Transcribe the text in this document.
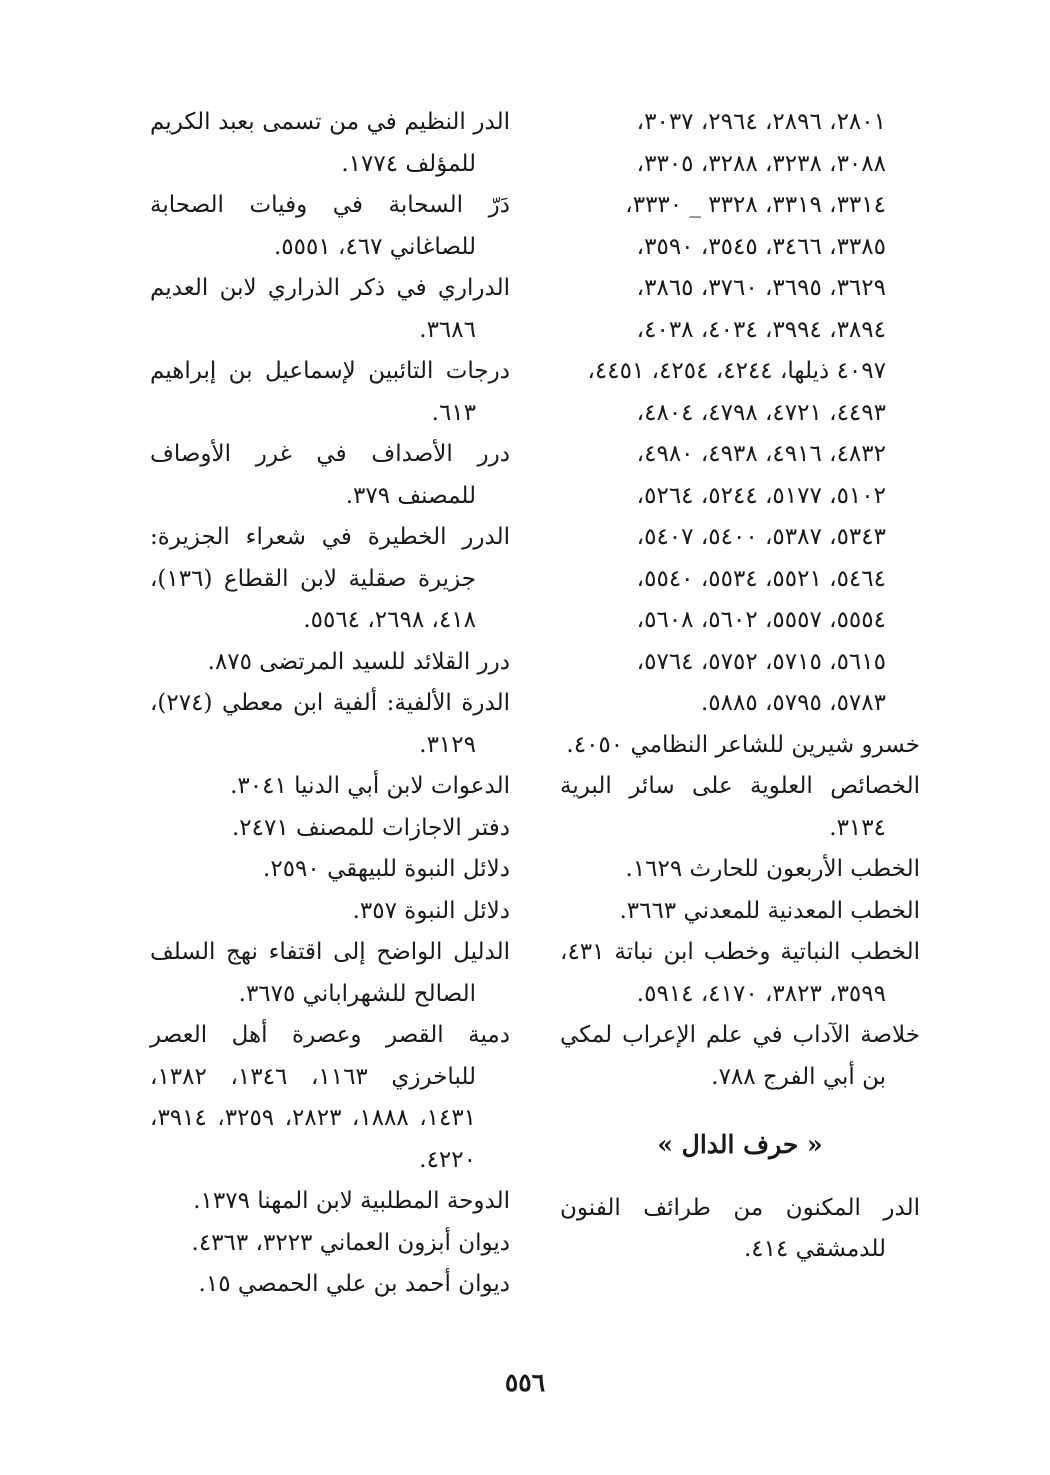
٢٨٠١، ٢٨٩٦، ٢٩٦٤، ٣٠٣٧،
٣٠٨٨، ٣٢٣٨، ٣٢٨٨، ٣٣٠٥،
٣٣١٤، ٣٣١٩، ٣٣٢٨ _ ٣٣٣٠،
٣٣٨٥، ٣٤٦٦، ٣٥٤٥، ٣٥٩٠،
٣٦٢٩، ٣٦٩٥، ٣٧٦٠، ٣٨٦٥،
٣٨٩٤، ٣٩٩٤، ٤٠٣٤، ٤٠٣٨،
٤٠٩٧ ذيلها، ٤٢٤٤، ٤٢٥٤، ٤٤٥١،
٤٤٩٣، ٤٧٢١، ٤٧٩٨، ٤٨٠٤،
٤٨٣٢، ٤٩١٦، ٤٩٣٨، ٤٩٨٠،
٥١٠٢، ٥١٧٧، ٥٢٤٤، ٥٢٦٤،
٥٣٤٣، ٥٣٨٧، ٥٤٠٠، ٥٤٠٧،
٥٤٦٤، ٥٥٢١، ٥٥٣٤، ٥٥٤٠،
٥٥٥٤، ٥٥٥٧، ٥٦٠٢، ٥٦٠٨،
٥٦١٥، ٥٧١٥، ٥٧٥٢، ٥٧٦٤،
٥٧٨٣، ٥٧٩٥، ٥٨٨٥.
خسرو شيرين للشاعر النظامي ٤٠٥٠.
الخصائص العلوية على سائر البرية ٣١٣٤.
الخطب الأربعون للحارث ١٦٢٩.
الخطب المعدنية للمعدني ٣٦٦٣.
الخطب النباتية وخطب ابن نباتة ٤٣١، ٣٥٩٩، ٣٨٢٣، ٤١٧٠، ٥٩١٤.
خلاصة الآداب في علم الإعراب لمكي بن أبي الفرج ٧٨٨.
« حرف الدال »
الدر المكنون من طرائف الفنون للدمشقي ٤١٤.
الدر النظيم في من تسمى بعبد الكريم للمؤلف ١٧٧٤.
دَرّ السحابة في وفيات الصحابة للصاغاني ٤٦٧، ٥٥٥١.
الدراري في ذكر الذراري لابن العديم ٣٦٨٦.
درجات التائبين لإسماعيل بن إبراهيم ٦١٣.
درر الأصداف في غرر الأوصاف للمصنف ٣٧٩.
الدرر الخطيرة في شعراء الجزيرة: جزيرة صقلية لابن القطاع (١٣٦)، ٤١٨، ٢٦٩٨، ٥٥٦٤.
درر القلائد للسيد المرتضى ٨٧٥.
الدرة الألفية: ألفية ابن معطي (٢٧٤)، ٣١٢٩.
الدعوات لابن أبي الدنيا ٣٠٤١.
دفتر الاجازات للمصنف ٢٤٧١.
دلائل النبوة للبيهقي ٢٥٩٠.
دلائل النبوة ٣٥٧.
الدليل الواضح إلى اقتفاء نهج السلف الصالح للشهراباني ٣٦٧٥.
دمية القصر وعصرة أهل العصر للباخرزي ١١٦٣، ١٣٤٦، ١٣٨٢، ١٤٣١، ١٨٨٨، ٢٨٢٣، ٣٢٥٩، ٣٩١٤، ٤٢٢٠.
الدوحة المطلبية لابن المهنا ١٣٧٩.
ديوان أبزون العماني ٣٢٢٣، ٤٣٦٣.
ديوان أحمد بن علي الحمصي ١٥.
٥٥٦
